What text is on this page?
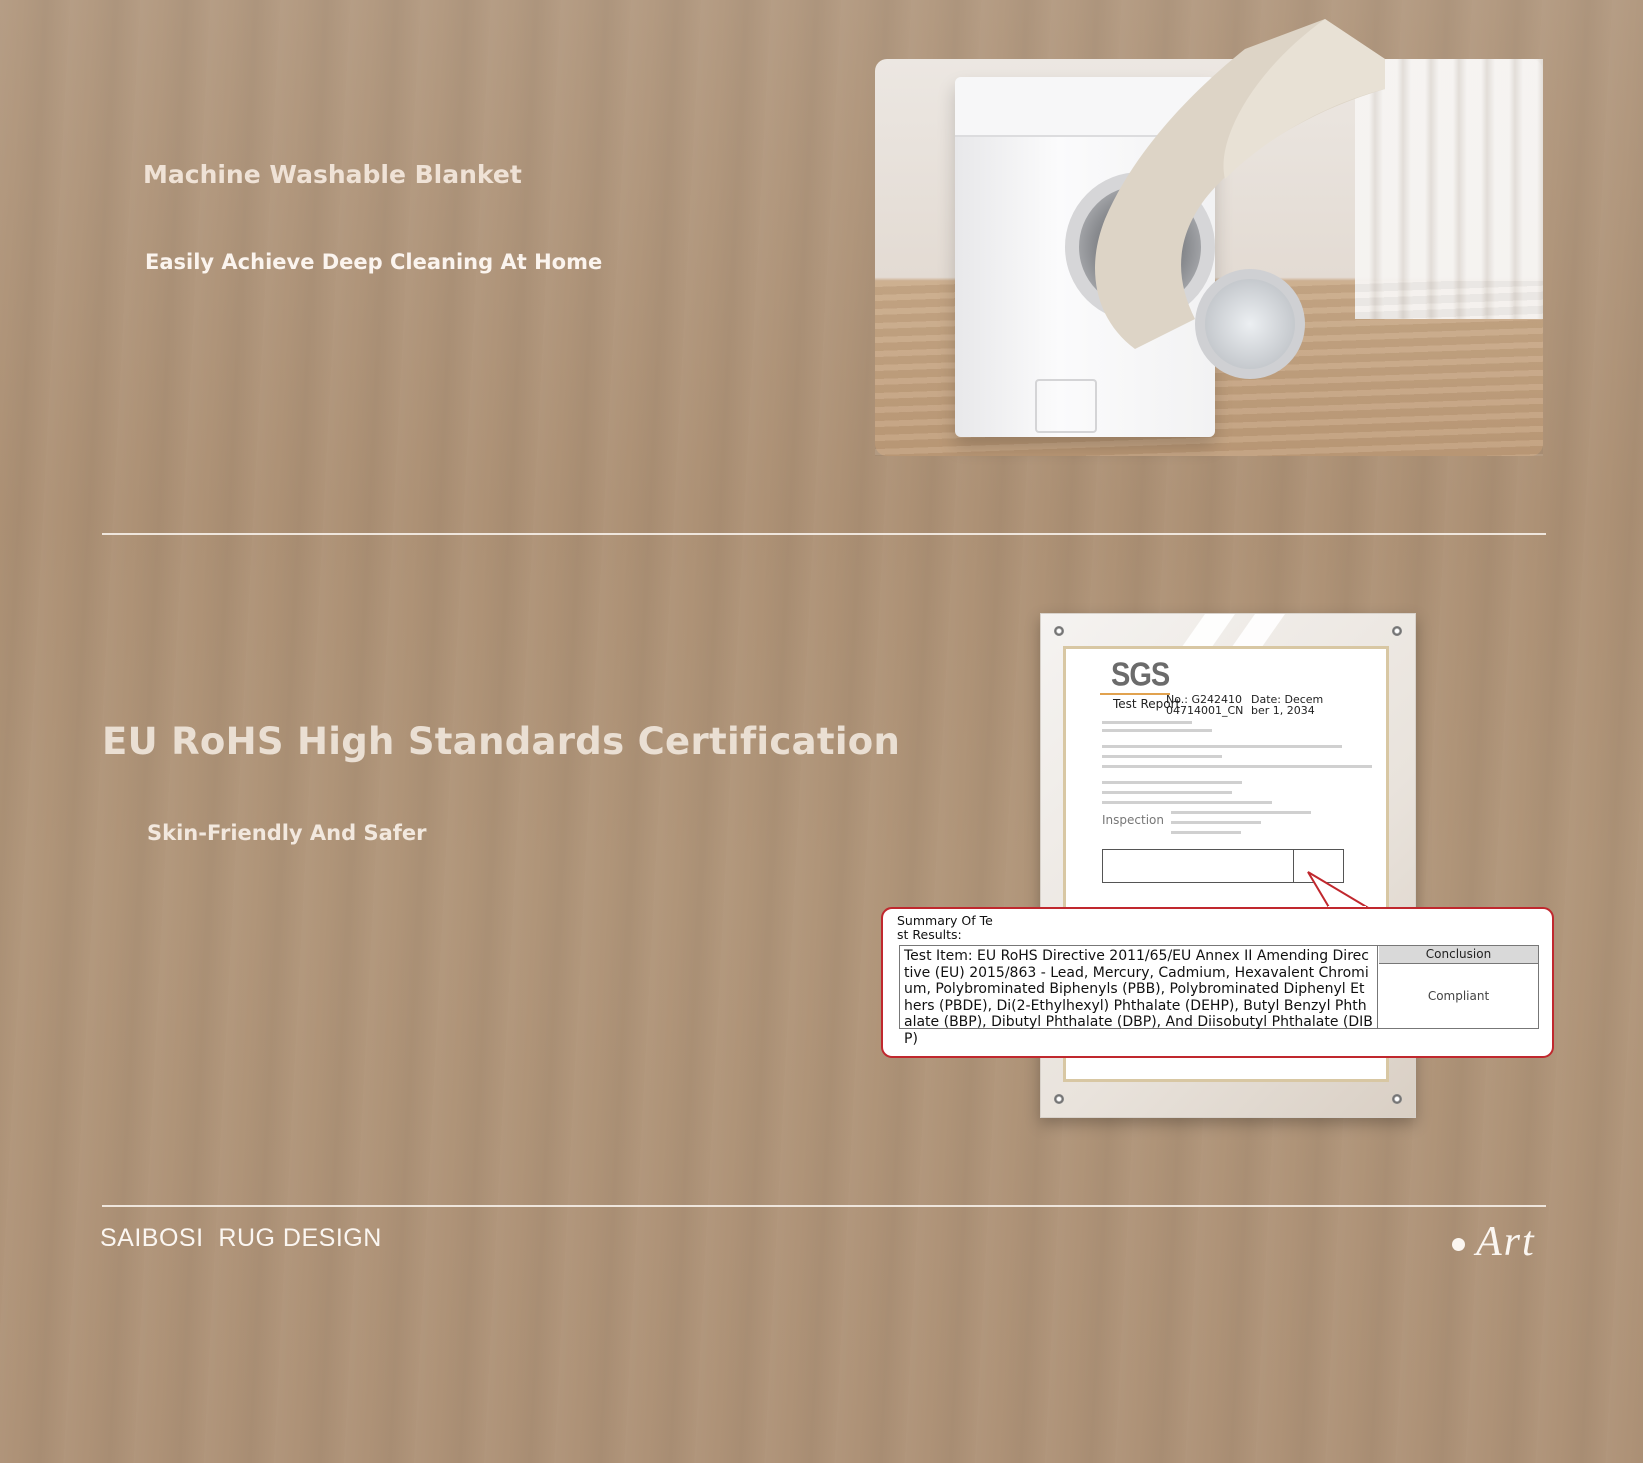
Machine Washable Blanket
Easily Achieve Deep Cleaning At Home
EU RoHS High Standards Certification
Skin-Friendly And Safer
SGS
Test Report
No.: G242410
04714001_CN
Date: Decem
ber 1, 2034
Inspection
Summary Of Te
st Results:
Test Item: EU RoHS Directive 2011/65/EU Annex II Amending Directive (EU) 2015/863 - Lead, Mercury, Cadmium, Hexavalent Chromium, Polybrominated Biphenyls (PBB), Polybrominated Diphenyl Ethers (PBDE), Di(2-Ethylhexyl) Phthalate (DEHP), Butyl Benzyl Phthalate (BBP), Dibutyl Phthalate (DBP), And Diisobutyl Phthalate (DIBP)
Conclusion
Compliant
SAIBOSI  RUG DESIGN	Art
